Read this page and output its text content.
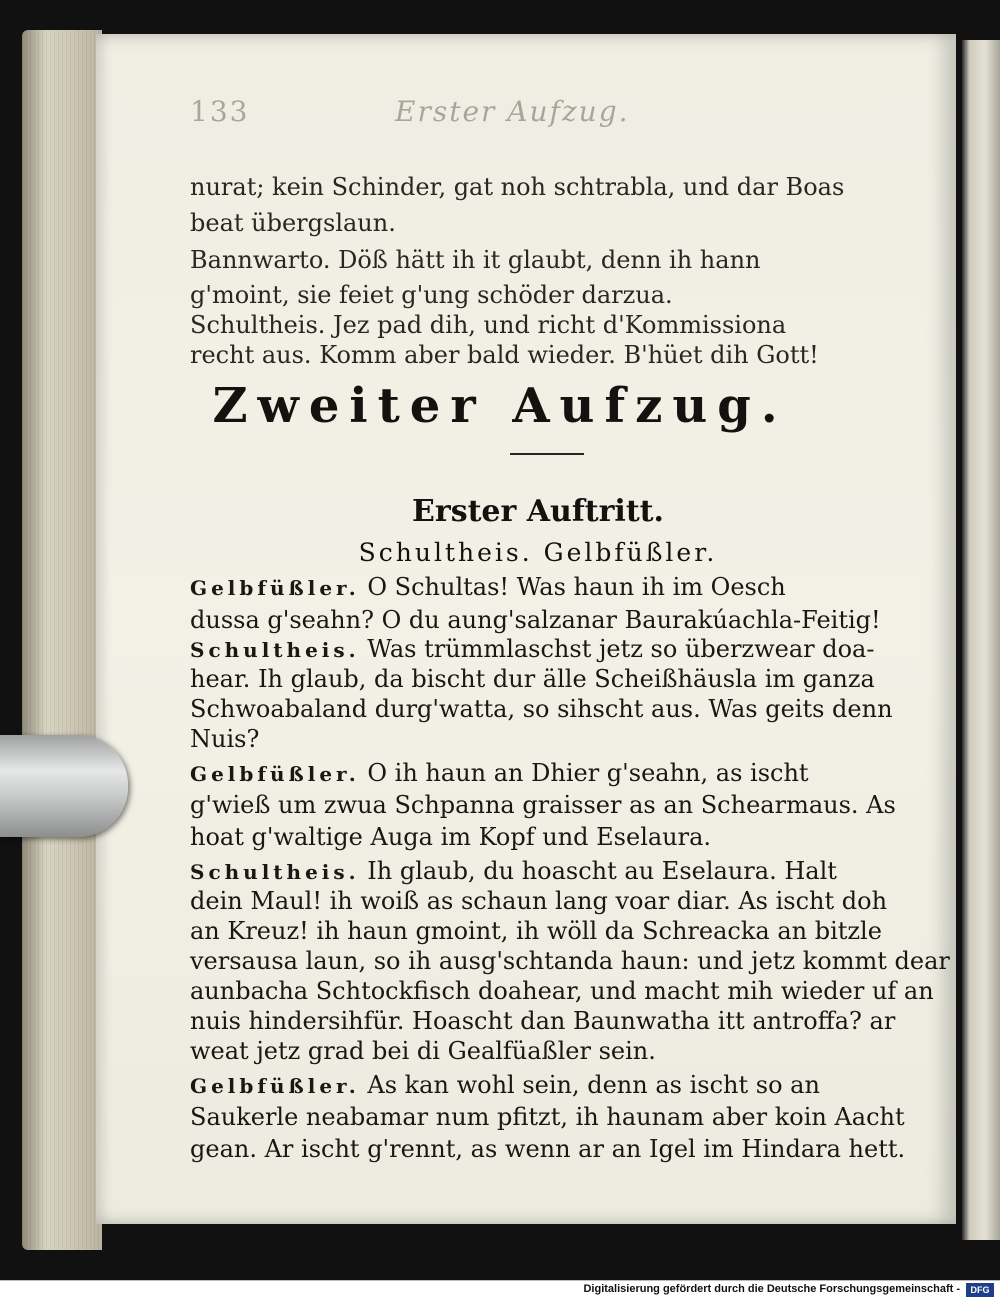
133	Erster Aufzug.
nurat; kein Schinder, gat noh schtrabla, und dar Boas
beat übergslaun.
Bannwarto. Döß hätt ih it glaubt, denn ih hann
g'moint, sie feiet g'ung schöder darzua.
Schultheis. Jez pad dih, und richt d'Kommissiona
recht aus. Komm aber bald wieder. B'hüet dih Gott!
Zweiter Aufzug.
Erster Auftritt.
Schultheis. Gelbfüßler.
Gelbfüßler. O Schultas! Was haun ih im Oesch
dussa g'seahn? O du aung'salzanar Baurakúachla-Feitig!
Schultheis. Was trümmlaschst jetz so überzwear doa-
hear. Ih glaub, da bischt dur älle Scheißhäusla im ganza
Schwoabaland durg'watta, so sihscht aus. Was geits denn
Nuis?
Gelbfüßler. O ih haun an Dhier g'seahn, as ischt
g'wieß um zwua Schpanna graisser as an Schearmaus. As
hoat g'waltige Auga im Kopf und Eselaura.
Schultheis. Ih glaub, du hoascht au Eselaura. Halt
dein Maul! ih woiß as schaun lang voar diar. As ischt doh
an Kreuz! ih haun gmoint, ih wöll da Schreacka an bitzle
versausa laun, so ih ausg'schtanda haun: und jetz kommt dear
aunbacha Schtockfisch doahear, und macht mih wieder uf an
nuis hindersihfür. Hoascht dan Baunwatha itt antroffa? ar
weat jetz grad bei di Gealfüaßler sein.
Gelbfüßler. As kan wohl sein, denn as ischt so an
Saukerle neabamar num pfitzt, ih haunam aber koin Aacht
gean. Ar ischt g'rennt, as wenn ar an Igel im Hindara hett.
Digitalisierung gefördert durch die Deutsche Forschungsgemeinschaft -	DFG
